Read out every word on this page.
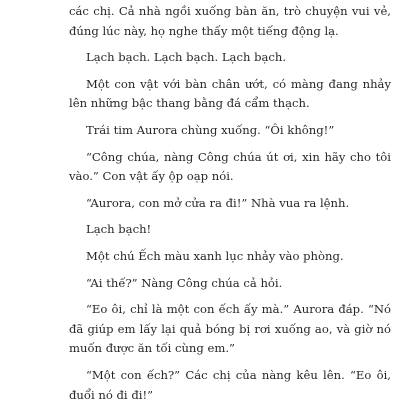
các chị. Cả nhà ngồi xuống bàn ăn, trò chuyện vui vẻ, đúng lúc này, họ nghe thấy một tiếng động lạ.

Lạch bạch. Lạch bạch. Lạch bạch.

Một con vật với bàn chân ướt, có màng đang nhảy lên những bậc thang bằng đá cẩm thạch.

Trái tim Aurora chùng xuống. “Ôi không!”

“Công chúa, nàng Công chúa út ơi, xin hãy cho tôi vào.” Con vật ấy ộp oạp nói.

“Aurora, con mở cửa ra đi!” Nhà vua ra lệnh.

Lạch bạch!

Một chú Ếch màu xanh lục nhảy vào phòng.

“Ai thế?” Nàng Công chúa cả hỏi.

“Eo ôi, chỉ là một con ếch ấy mà.” Aurora đáp. “Nó đã giúp em lấy lại quả bóng bị rơi xuống ao, và giờ nó muốn được ăn tối cùng em.”

“Một con ếch?” Các chị của nàng kêu lên. “Eo ôi, đuổi nó đi đi!”
